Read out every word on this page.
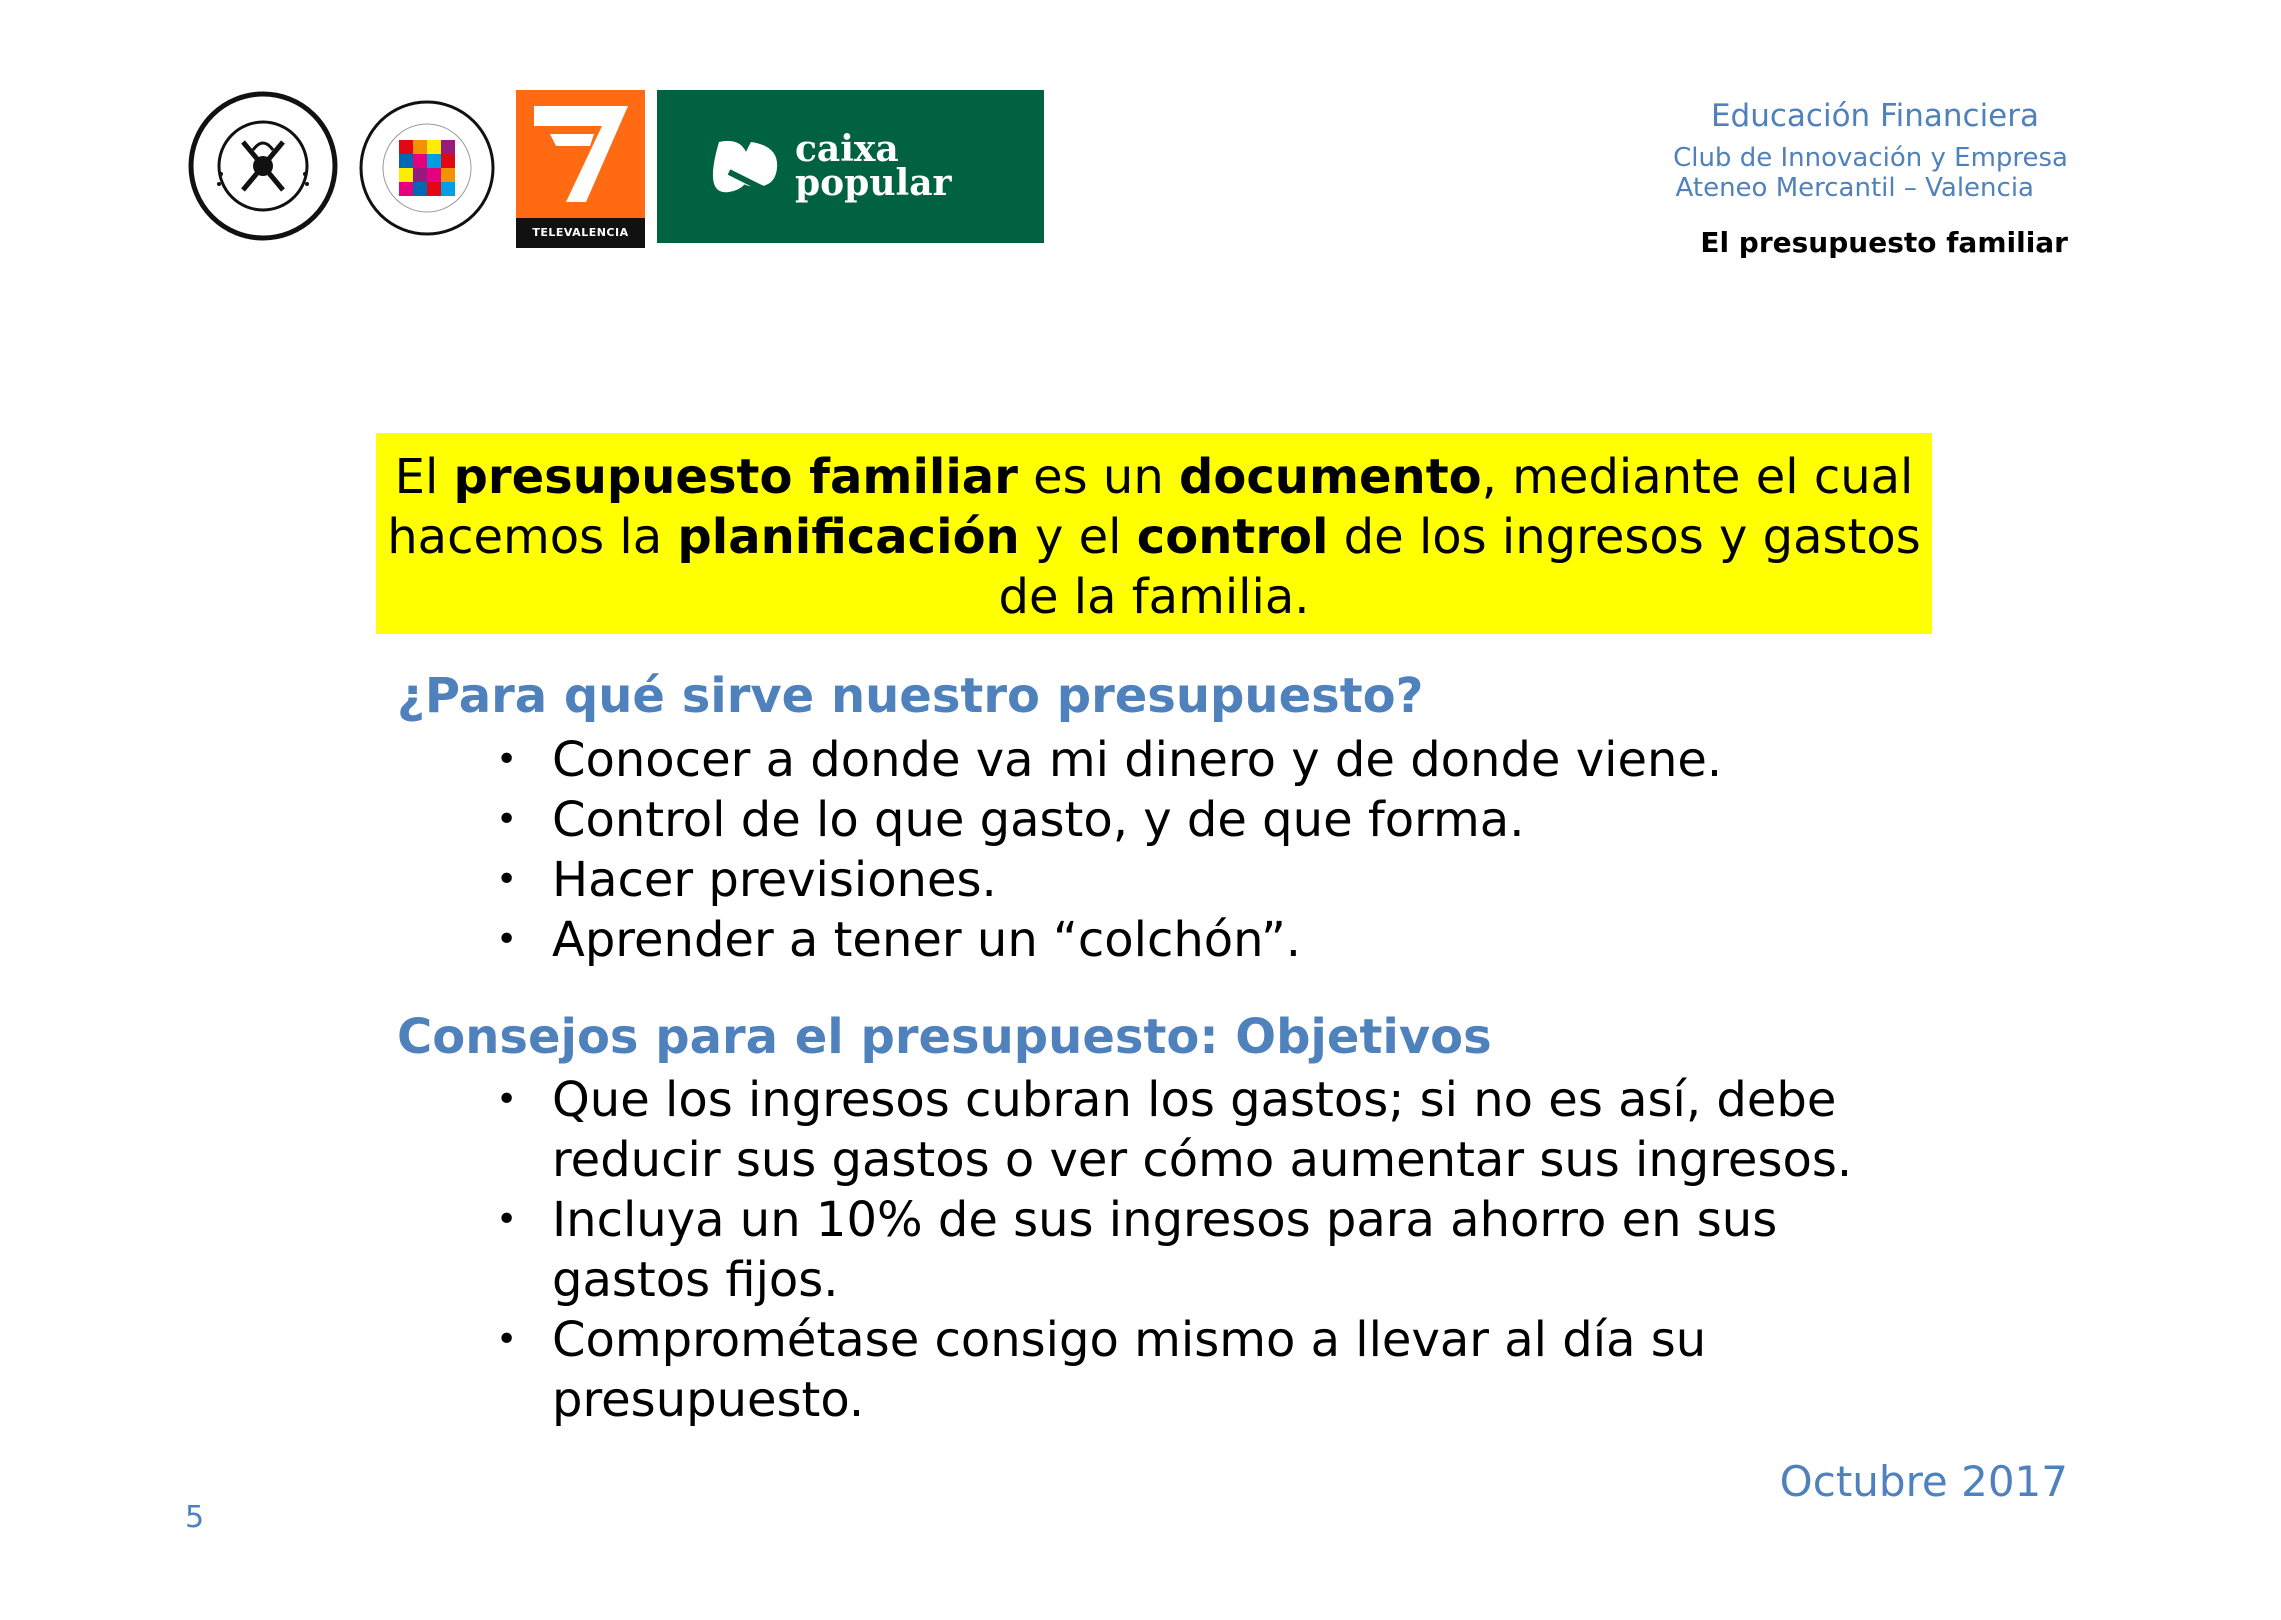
TELEVALENCIA
caixa
popular
Educación Financiera
Club de Innovación y Empresa
Ateneo Mercantil – Valencia
El presupuesto familiar
El presupuesto familiar es un documento, mediante el cual hacemos la planificación y el control de los ingresos y gastos de la familia.
¿Para qué sirve nuestro presupuesto?
• Conocer a donde va mi dinero y de donde viene.
• Control de lo que gasto, y de que forma.
• Hacer previsiones.
• Aprender a tener un “colchón”.
Consejos para el presupuesto: Objetivos
• Que los ingresos cubran los gastos; si no es así, debe
reducir sus gastos o ver cómo aumentar sus ingresos.
• Incluya un 10% de sus ingresos para ahorro en sus
gastos fijos.
• Comprométase consigo mismo a llevar al día su
presupuesto.
Octubre 2017
5
